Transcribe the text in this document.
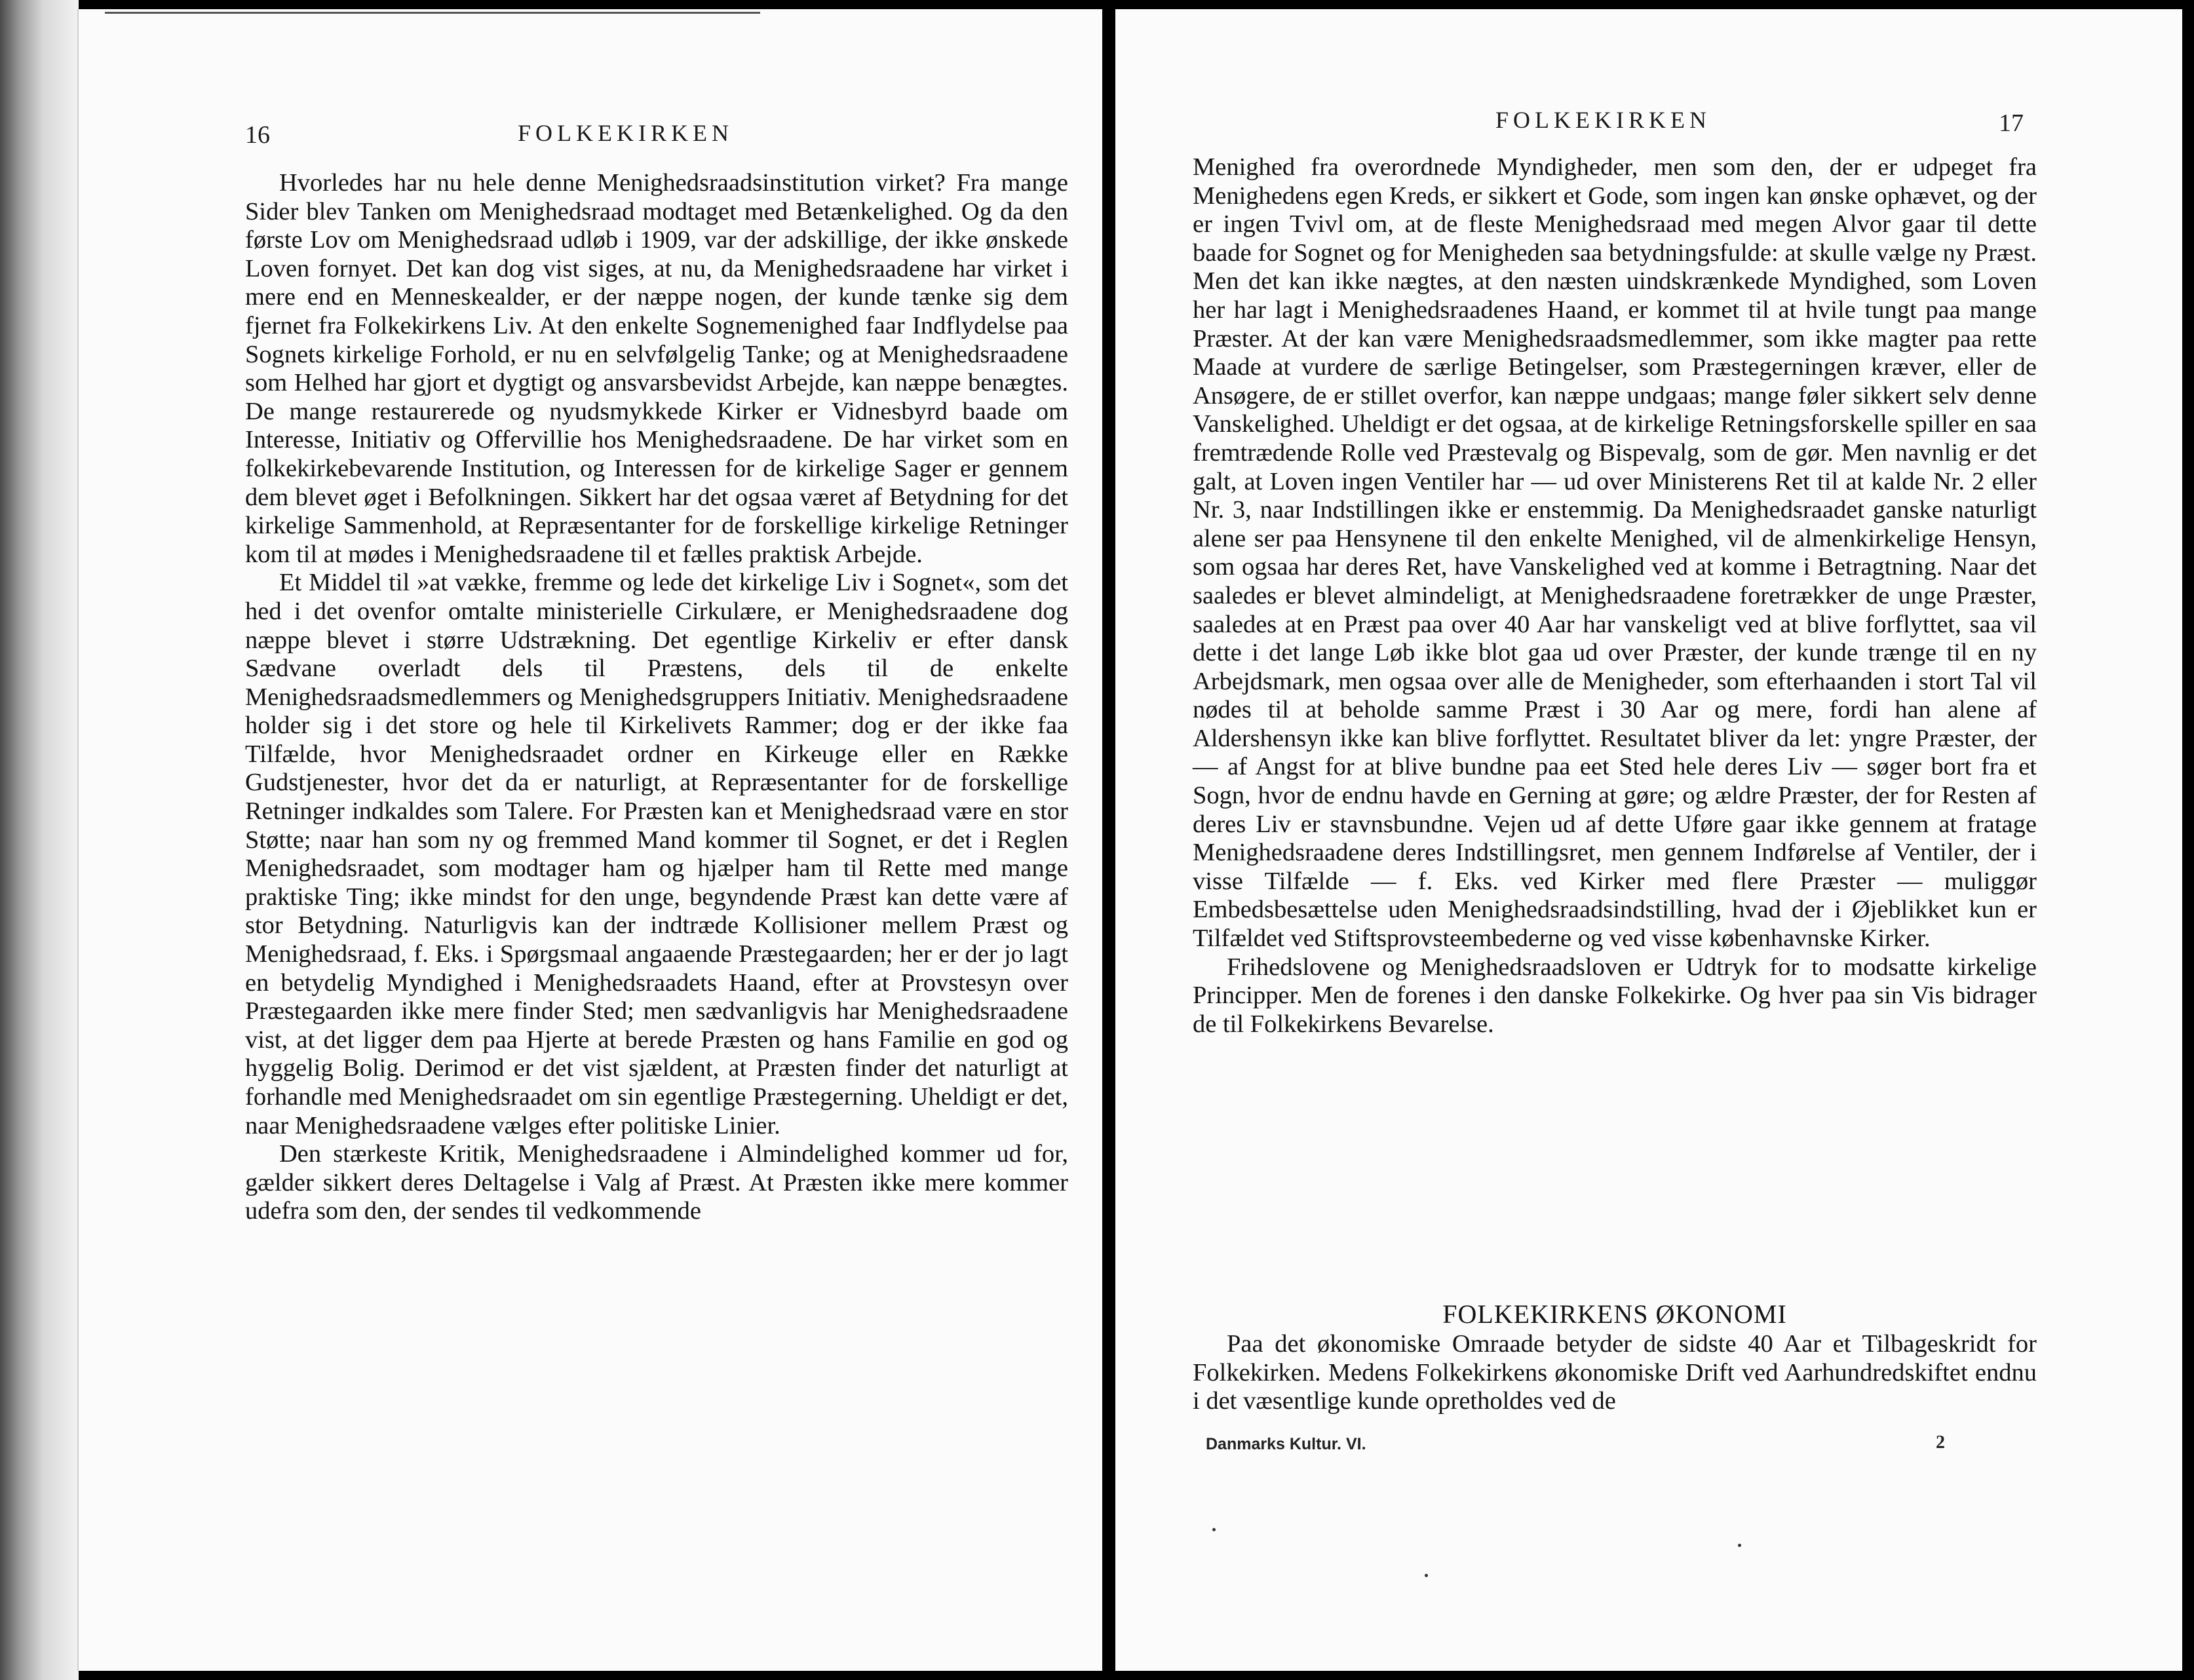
16	FOLKEKIRKEN

Hvorledes har nu hele denne Menighedsraadsinstitution virket? Fra mange Sider blev Tanken om Menighedsraad modtaget med Betænkelighed. Og da den første Lov om Menighedsraad udløb i 1909, var der adskillige, der ikke ønskede Loven fornyet. Det kan dog vist siges, at nu, da Menighedsraadene har virket i mere end en Menneskealder, er der næppe nogen, der kunde tænke sig dem fjernet fra Folkekirkens Liv. At den enkelte Sognemenighed faar Indflydelse paa Sognets kirkelige Forhold, er nu en selvfølgelig Tanke; og at Menighedsraadene som Helhed har gjort et dygtigt og ansvarsbevidst Arbejde, kan næppe benægtes. De mange restaurerede og nyudsmykkede Kirker er Vidnesbyrd baade om Interesse, Initiativ og Offervillie hos Menighedsraadene. De har virket som en folkekirkebevarende Institution, og Interessen for de kirkelige Sager er gennem dem blevet øget i Befolkningen. Sikkert har det ogsaa været af Betydning for det kirkelige Sammenhold, at Repræsentanter for de forskellige kirkelige Retninger kom til at mødes i Menighedsraadene til et fælles praktisk Arbejde.

Et Middel til »at vække, fremme og lede det kirkelige Liv i Sognet«, som det hed i det ovenfor omtalte ministerielle Cirkulære, er Menighedsraadene dog næppe blevet i større Udstrækning. Det egentlige Kirkeliv er efter dansk Sædvane overladt dels til Præstens, dels til de enkelte Menighedsraadsmedlemmers og Menighedsgruppers Initiativ. Menighedsraadene holder sig i det store og hele til Kirkelivets Rammer; dog er der ikke faa Tilfælde, hvor Menighedsraadet ordner en Kirkeuge eller en Række Gudstjenester, hvor det da er naturligt, at Repræsentanter for de forskellige Retninger indkaldes som Talere. For Præsten kan et Menighedsraad være en stor Støtte; naar han som ny og fremmed Mand kommer til Sognet, er det i Reglen Menighedsraadet, som modtager ham og hjælper ham til Rette med mange praktiske Ting; ikke mindst for den unge, begyndende Præst kan dette være af stor Betydning. Naturligvis kan der indtræde Kollisioner mellem Præst og Menighedsraad, f. Eks. i Spørgsmaal angaaende Præstegaarden; her er der jo lagt en betydelig Myndighed i Menighedsraadets Haand, efter at Provstesyn over Præstegaarden ikke mere finder Sted; men sædvanligvis har Menighedsraadene vist, at det ligger dem paa Hjerte at berede Præsten og hans Familie en god og hyggelig Bolig. Derimod er det vist sjældent, at Præsten finder det naturligt at forhandle med Menighedsraadet om sin egentlige Præstegerning. Uheldigt er det, naar Menighedsraadene vælges efter politiske Linier.

Den stærkeste Kritik, Menighedsraadene i Almindelighed kommer ud for, gælder sikkert deres Deltagelse i Valg af Præst. At Præsten ikke mere kommer udefra som den, der sendes til vedkommende

FOLKEKIRKEN	17

Menighed fra overordnede Myndigheder, men som den, der er udpeget fra Menighedens egen Kreds, er sikkert et Gode, som ingen kan ønske ophævet, og der er ingen Tvivl om, at de fleste Menighedsraad med megen Alvor gaar til dette baade for Sognet og for Menigheden saa betydningsfulde: at skulle vælge ny Præst. Men det kan ikke nægtes, at den næsten uindskrænkede Myndighed, som Loven her har lagt i Menighedsraadenes Haand, er kommet til at hvile tungt paa mange Præster. At der kan være Menighedsraadsmedlemmer, som ikke magter paa rette Maade at vurdere de særlige Betingelser, som Præstegerningen kræver, eller de Ansøgere, de er stillet overfor, kan næppe undgaas; mange føler sikkert selv denne Vanskelighed. Uheldigt er det ogsaa, at de kirkelige Retningsforskelle spiller en saa fremtrædende Rolle ved Præstevalg og Bispevalg, som de gør. Men navnlig er det galt, at Loven ingen Ventiler har — ud over Ministerens Ret til at kalde Nr. 2 eller Nr. 3, naar Indstillingen ikke er enstemmig. Da Menighedsraadet ganske naturligt alene ser paa Hensynene til den enkelte Menighed, vil de almenkirkelige Hensyn, som ogsaa har deres Ret, have Vanskelighed ved at komme i Betragtning. Naar det saaledes er blevet almindeligt, at Menighedsraadene foretrækker de unge Præster, saaledes at en Præst paa over 40 Aar har vanskeligt ved at blive forflyttet, saa vil dette i det lange Løb ikke blot gaa ud over Præster, der kunde trænge til en ny Arbejdsmark, men ogsaa over alle de Menigheder, som efterhaanden i stort Tal vil nødes til at beholde samme Præst i 30 Aar og mere, fordi han alene af Aldershensyn ikke kan blive forflyttet. Resultatet bliver da let: yngre Præster, der — af Angst for at blive bundne paa eet Sted hele deres Liv — søger bort fra et Sogn, hvor de endnu havde en Gerning at gøre; og ældre Præster, der for Resten af deres Liv er stavnsbundne. Vejen ud af dette Uføre gaar ikke gennem at fratage Menighedsraadene deres Indstillingsret, men gennem Indførelse af Ventiler, der i visse Tilfælde — f. Eks. ved Kirker med flere Præster — muliggør Embedsbesættelse uden Menighedsraadsindstilling, hvad der i Øjeblikket kun er Tilfældet ved Stiftsprovsteembederne og ved visse københavnske Kirker.

Frihedslovene og Menighedsraadsloven er Udtryk for to modsatte kirkelige Principper. Men de forenes i den danske Folkekirke. Og hver paa sin Vis bidrager de til Folkekirkens Bevarelse.

FOLKEKIRKENS ØKONOMI

Paa det økonomiske Omraade betyder de sidste 40 Aar et Tilbageskridt for Folkekirken. Medens Folkekirkens økonomiske Drift ved Aarhundredskiftet endnu i det væsentlige kunde opretholdes ved de

Danmarks Kultur. VI.	2
